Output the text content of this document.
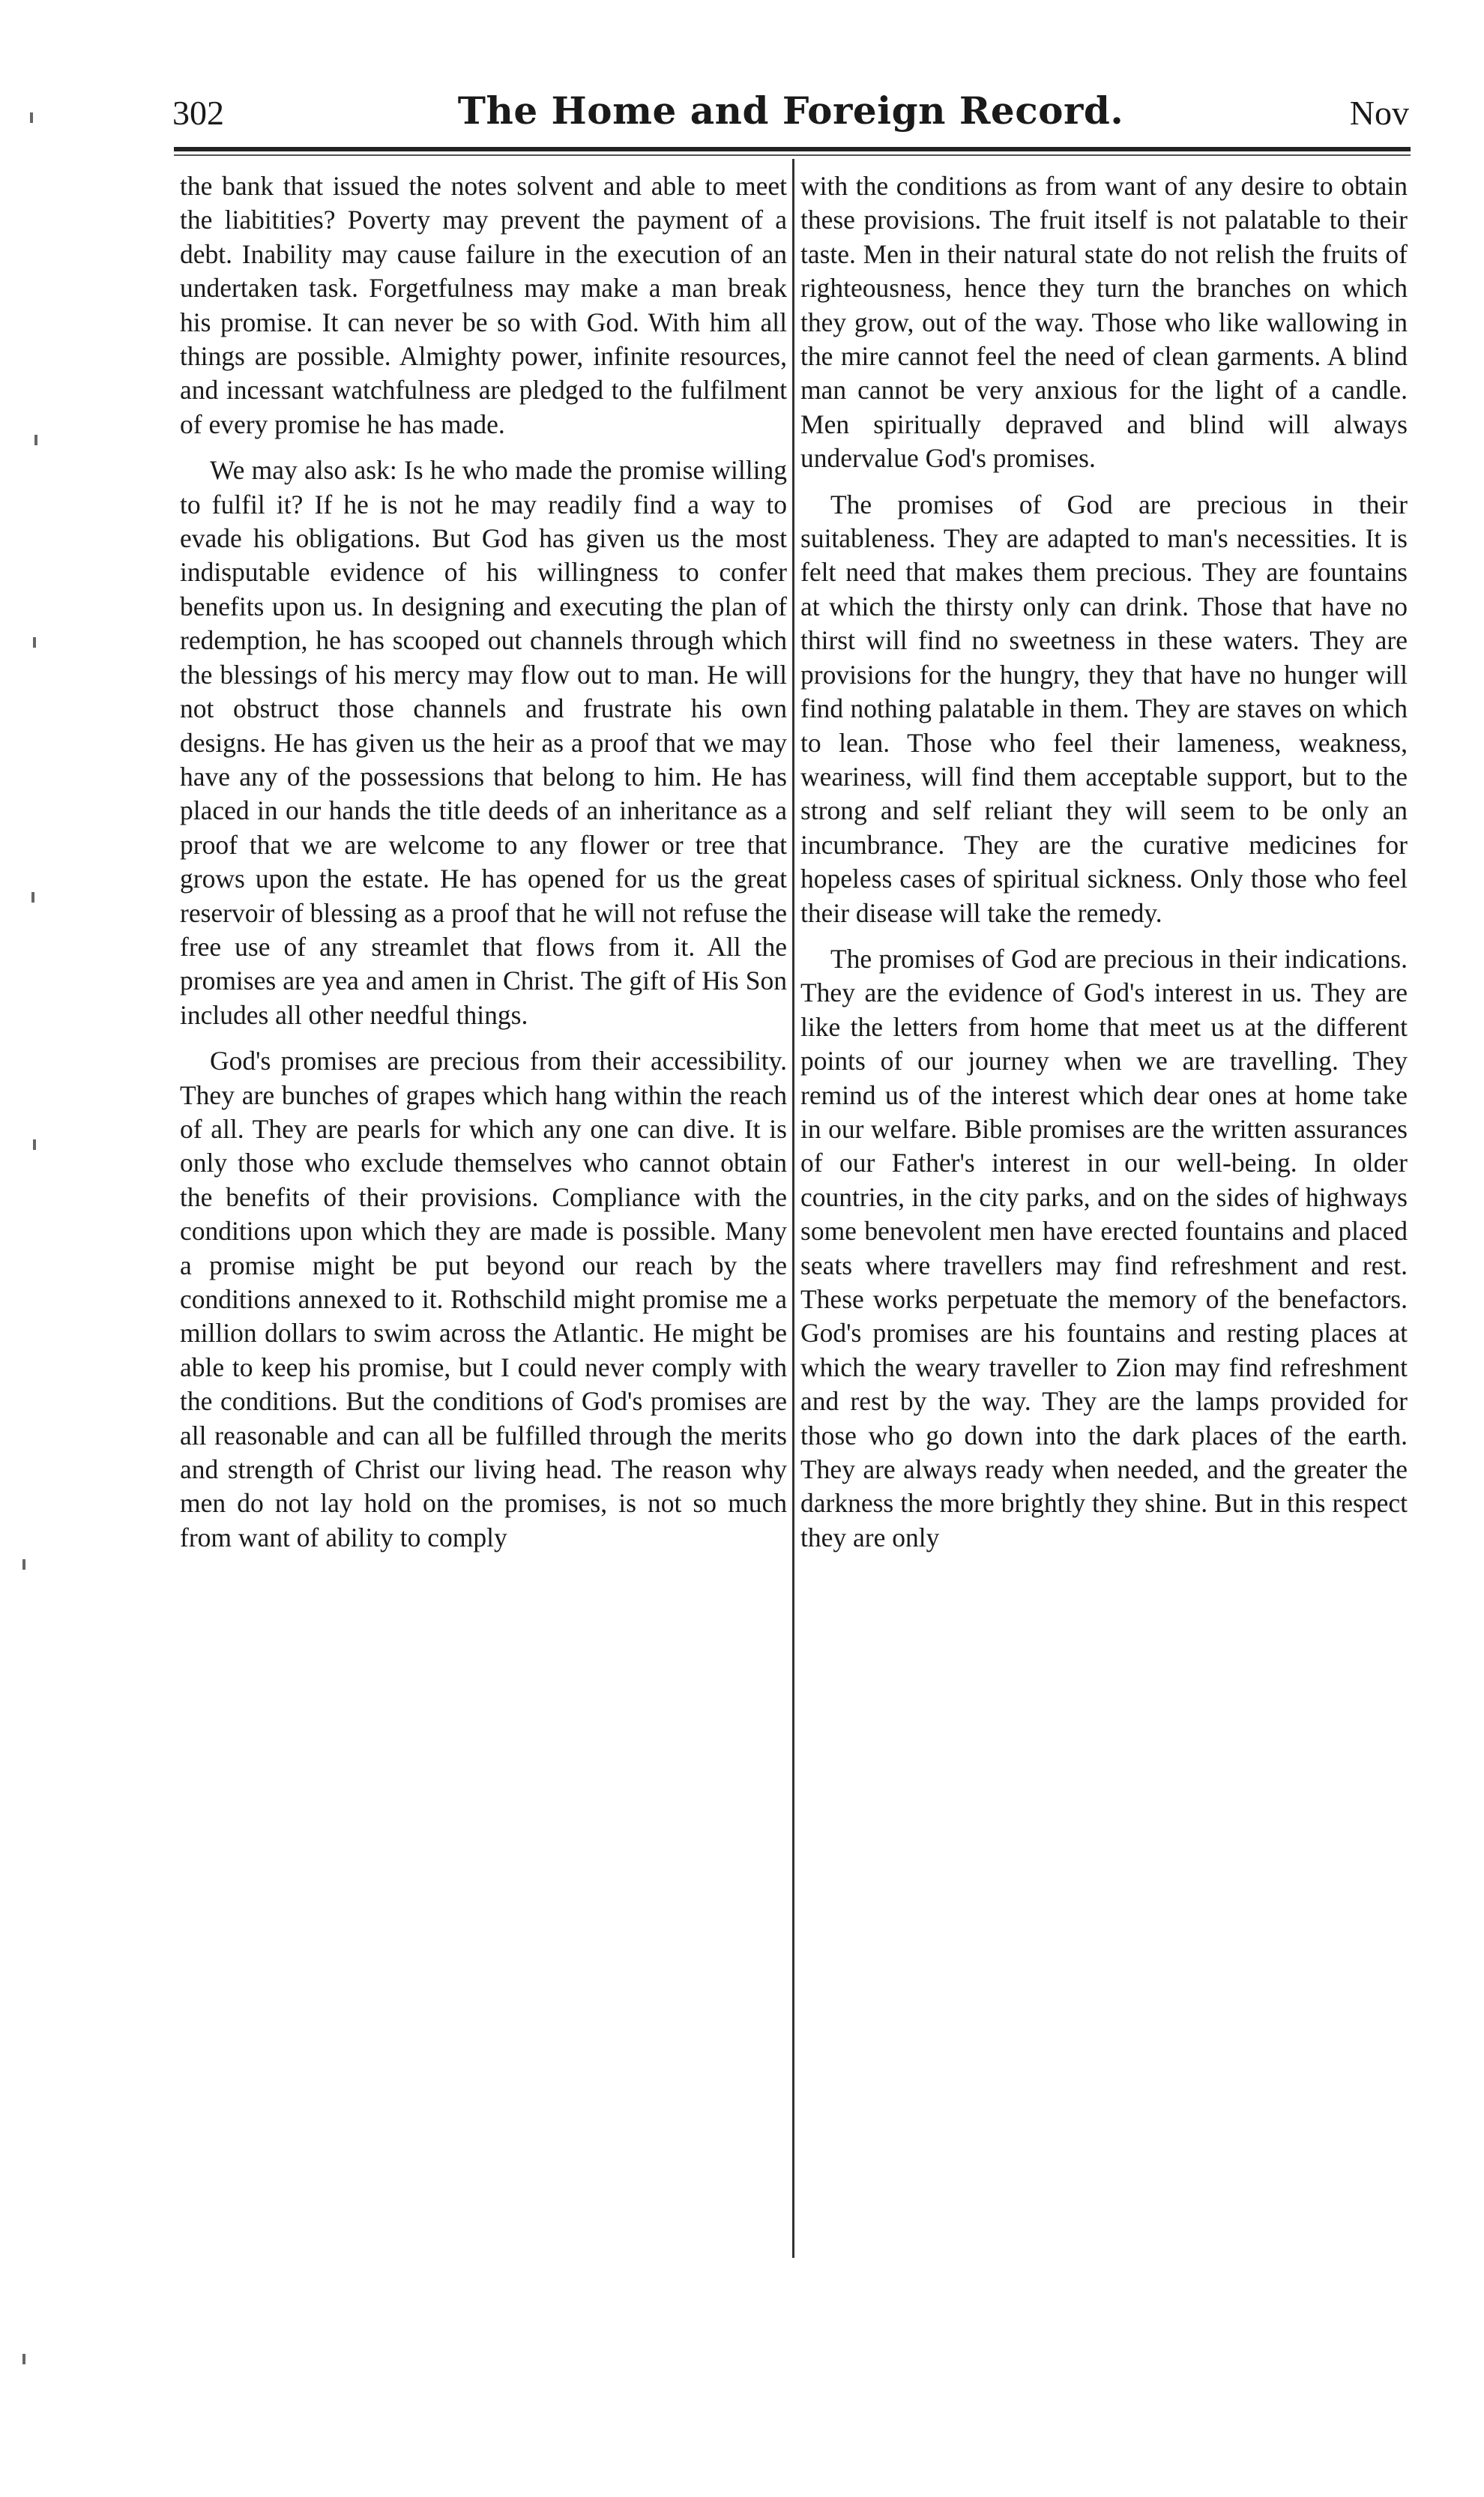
302	The Home and Foreign Record.	Nov

the bank that issued the notes solvent and able to meet the liabitities? Poverty may prevent the payment of a debt. Inability may cause failure in the execution of an undertaken task. Forgetfulness may make a man break his promise. It can never be so with God. With him all things are possible. Almighty power, infinite resources, and incessant watchfulness are pledged to the fulfilment of every promise he has made.

We may also ask: Is he who made the promise willing to fulfil it? If he is not he may readily find a way to evade his obligations. But God has given us the most indisputable evidence of his willingness to confer benefits upon us. In designing and executing the plan of redemption, he has scooped out channels through which the blessings of his mercy may flow out to man. He will not obstruct those channels and frustrate his own designs. He has given us the heir as a proof that we may have any of the possessions that belong to him. He has placed in our hands the title deeds of an inheritance as a proof that we are welcome to any flower or tree that grows upon the estate. He has opened for us the great reservoir of blessing as a proof that he will not refuse the free use of any streamlet that flows from it. All the promises are yea and amen in Christ. The gift of His Son includes all other needful things.

God's promises are precious from their accessibility. They are bunches of grapes which hang within the reach of all. They are pearls for which any one can dive. It is only those who exclude themselves who cannot obtain the benefits of their provisions. Compliance with the conditions upon which they are made is possible. Many a promise might be put beyond our reach by the conditions annexed to it. Rothschild might promise me a million dollars to swim across the Atlantic. He might be able to keep his promise, but I could never comply with the conditions. But the conditions of God's promises are all reasonable and can all be fulfilled through the merits and strength of Christ our living head. The reason why men do not lay hold on the promises, is not so much from want of ability to comply

with the conditions as from want of any desire to obtain these provisions. The fruit itself is not palatable to their taste. Men in their natural state do not relish the fruits of righteousness, hence they turn the branches on which they grow, out of the way. Those who like wallowing in the mire cannot feel the need of clean garments. A blind man cannot be very anxious for the light of a candle. Men spiritually depraved and blind will always undervalue God's promises.

The promises of God are precious in their suitableness. They are adapted to man's necessities. It is felt need that makes them precious. They are fountains at which the thirsty only can drink. Those that have no thirst will find no sweetness in these waters. They are provisions for the hungry, they that have no hunger will find nothing palatable in them. They are staves on which to lean. Those who feel their lameness, weakness, weariness, will find them acceptable support, but to the strong and self reliant they will seem to be only an incumbrance. They are the curative medicines for hopeless cases of spiritual sickness. Only those who feel their disease will take the remedy.

The promises of God are precious in their indications. They are the evidence of God's interest in us. They are like the letters from home that meet us at the different points of our journey when we are travelling. They remind us of the interest which dear ones at home take in our welfare. Bible promises are the written assurances of our Father's interest in our well-being. In older countries, in the city parks, and on the sides of highways some benevolent men have erected fountains and placed seats where travellers may find refreshment and rest. These works perpetuate the memory of the benefactors. God's promises are his fountains and resting places at which the weary traveller to Zion may find refreshment and rest by the way. They are the lamps provided for those who go down into the dark places of the earth. They are always ready when needed, and the greater the darkness the more brightly they shine. But in this respect they are only
